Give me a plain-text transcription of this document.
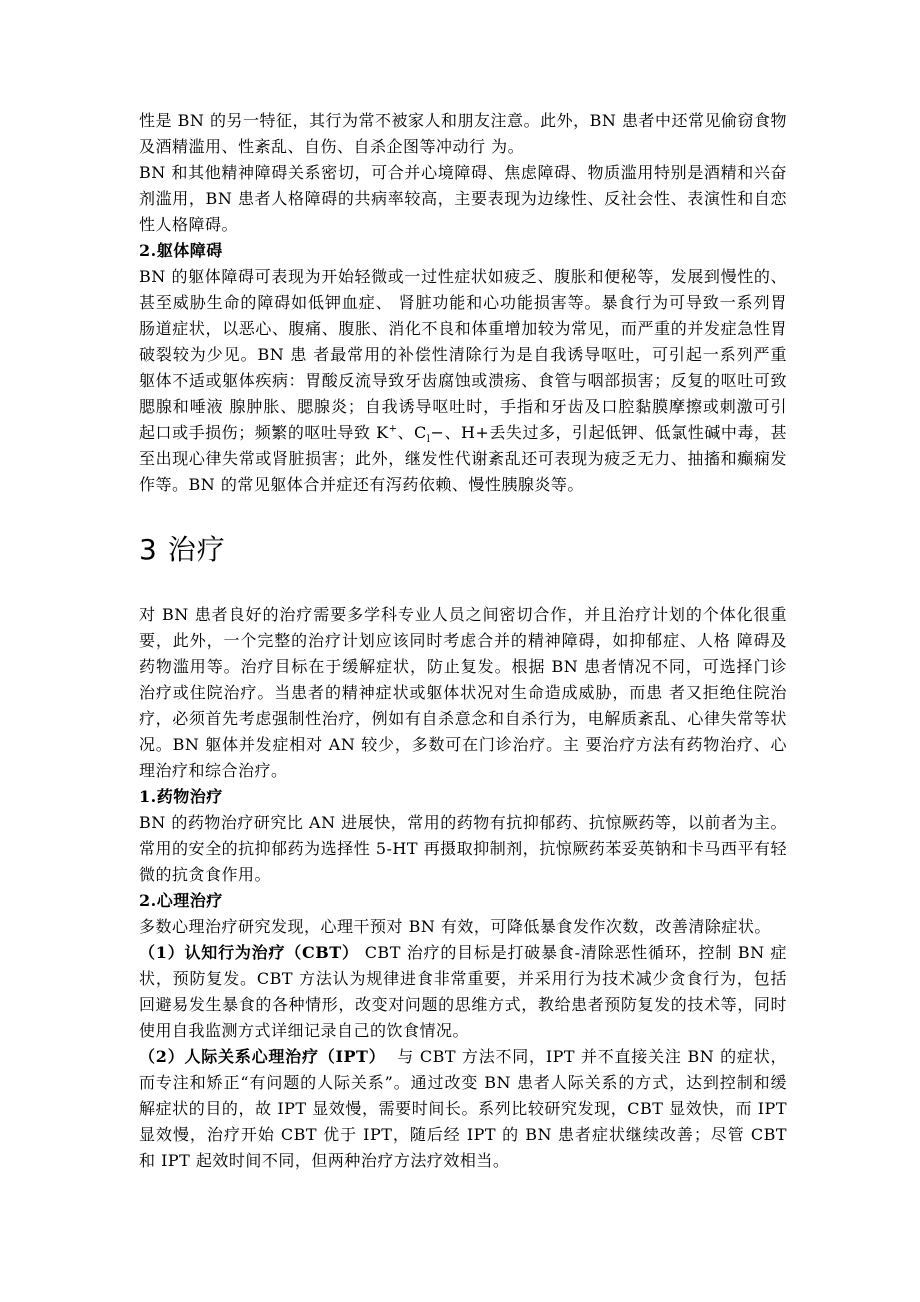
性是 BN 的另一特征，其行为常不被家人和朋友注意。此外，BN 患者中还常见偷窃食物及酒精滥用、性紊乱、自伤、自杀企图等冲动行 为。

BN 和其他精神障碍关系密切，可合并心境障碍、焦虑障碍、物质滥用特别是酒精和兴奋剂滥用，BN 患者人格障碍的共病率较高，主要表现为边缘性、反社会性、表演性和自恋性人格障碍。

2.躯体障碍

BN 的躯体障碍可表现为开始轻微或一过性症状如疲乏、腹胀和便秘等，发展到慢性的、甚至威胁生命的障碍如低钾血症、 肾脏功能和心功能损害等。暴食行为可导致一系列胃肠道症状，以恶心、腹痛、腹胀、消化不良和体重增加较为常见，而严重的并发症急性胃破裂较为少见。BN 患 者最常用的补偿性清除行为是自我诱导呕吐，可引起一系列严重躯体不适或躯体疾病：胃酸反流导致牙齿腐蚀或溃疡、食管与咽部损害；反复的呕吐可致腮腺和唾液 腺肿胀、腮腺炎；自我诱导呕吐时，手指和牙齿及口腔黏膜摩擦或刺激可引起口或手损伤；频繁的呕吐导致 K+、$C_l-$、H+丢失过多，引起低钾、低氯性碱中毒，甚至出现心律失常或肾脏损害；此外，继发性代谢紊乱还可表现为疲乏无力、抽搐和癫痫发作等。BN 的常见躯体合并症还有泻药依赖、慢性胰腺炎等。

3 治疗

对 BN 患者良好的治疗需要多学科专业人员之间密切合作，并且治疗计划的个体化很重要，此外，一个完整的治疗计划应该同时考虑合并的精神障碍，如抑郁症、人格 障碍及药物滥用等。治疗目标在于缓解症状，防止复发。根据 BN 患者情况不同，可选择门诊治疗或住院治疗。当患者的精神症状或躯体状况对生命造成威胁，而患 者又拒绝住院治疗，必须首先考虑强制性治疗，例如有自杀意念和自杀行为，电解质紊乱、心律失常等状况。BN 躯体并发症相对 AN 较少，多数可在门诊治疗。主 要治疗方法有药物治疗、心理治疗和综合治疗。

1.药物治疗

BN 的药物治疗研究比 AN 进展快，常用的药物有抗抑郁药、抗惊厥药等，以前者为主。常用的安全的抗抑郁药为选择性 5-HT 再摄取抑制剂，抗惊厥药苯妥英钠和卡马西平有轻微的抗贪食作用。

2.心理治疗

多数心理治疗研究发现，心理干预对 BN 有效，可降低暴食发作次数，改善清除症状。

（1）认知行为治疗（CBT） CBT 治疗的目标是打破暴食-清除恶性循环，控制 BN 症状，预防复发。CBT 方法认为规律进食非常重要，并采用行为技术减少贪食行为，包括回避易发生暴食的各种情形，改变对问题的思维方式，教给患者预防复发的技术等，同时使用自我监测方式详细记录自己的饮食情况。

（2）人际关系心理治疗（IPT）  与 CBT 方法不同，IPT 并不直接关注 BN 的症状，而专注和矫正“有问题的人际关系”。通过改变 BN 患者人际关系的方式，达到控制和缓解症状的目的，故 IPT 显效慢，需要时间长。系列比较研究发现，CBT 显效快，而 IPT 显效慢，治疗开始 CBT 优于 IPT，随后经 IPT 的 BN 患者症状继续改善；尽管 CBT 和 IPT 起效时间不同，但两种治疗方法疗效相当。
